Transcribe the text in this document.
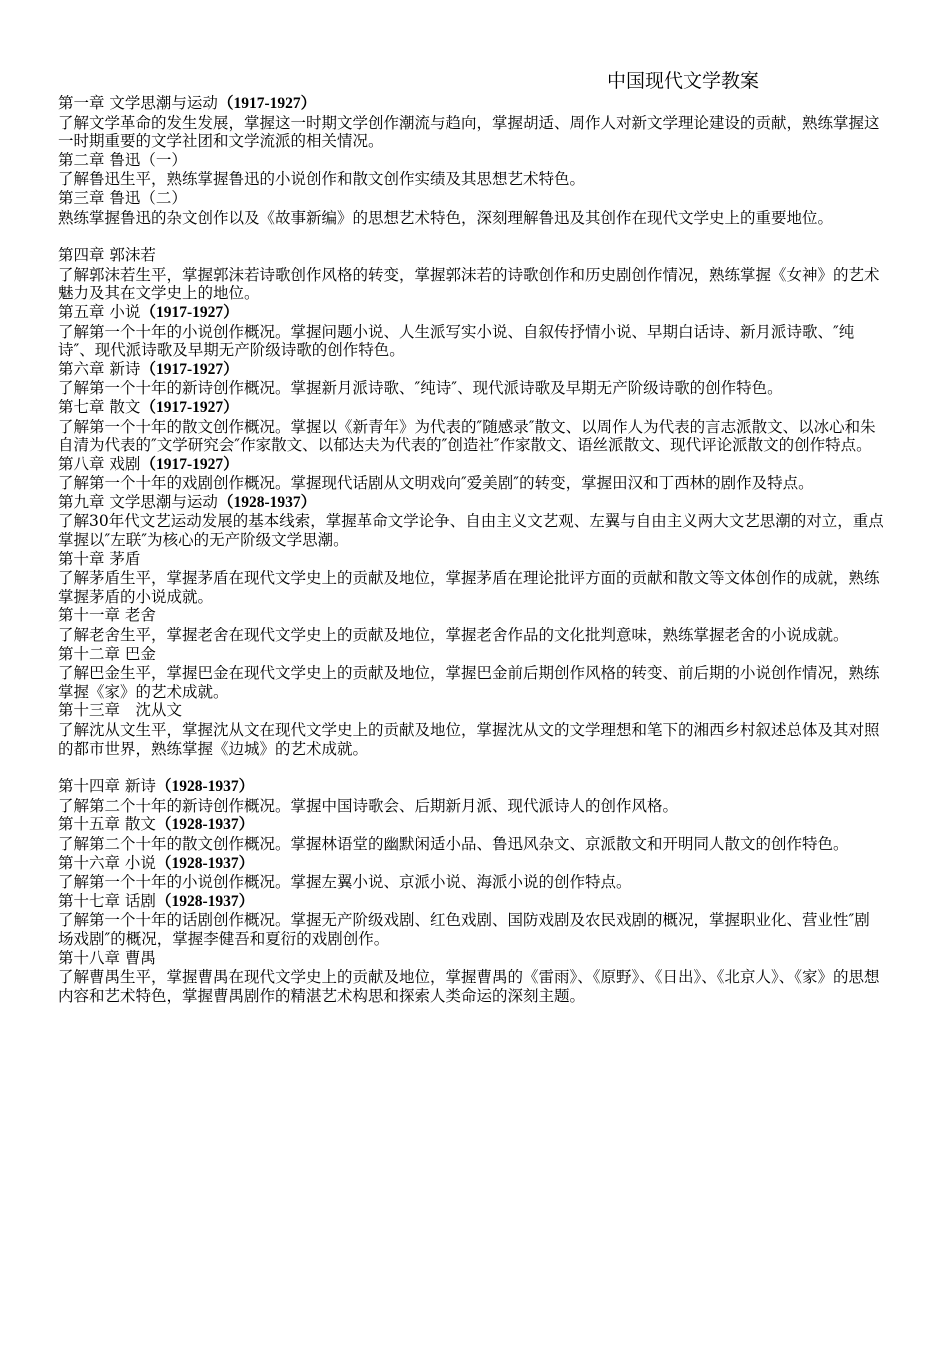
中国现代文学教案
第一章 文学思潮与运动（1917-1927）
了解文学革命的发生发展，掌握这一时期文学创作潮流与趋向，掌握胡适、周作人对新文学理论建设的贡献，熟练掌握这一时期重要的文学社团和文学流派的相关情况。
第二章 鲁迅（一）
了解鲁迅生平，熟练掌握鲁迅的小说创作和散文创作实绩及其思想艺术特色。
第三章 鲁迅（二）
熟练掌握鲁迅的杂文创作以及《故事新编》的思想艺术特色，深刻理解鲁迅及其创作在现代文学史上的重要地位。
第四章 郭沫若
了解郭沫若生平，掌握郭沫若诗歌创作风格的转变，掌握郭沫若的诗歌创作和历史剧创作情况，熟练掌握《女神》的艺术魅力及其在文学史上的地位。
第五章 小说（1917-1927）
了解第一个十年的小说创作概况。掌握问题小说、人生派写实小说、自叙传抒情小说、早期白话诗、新月派诗歌、″纯诗″、现代派诗歌及早期无产阶级诗歌的创作特色。
第六章 新诗（1917-1927）
了解第一个十年的新诗创作概况。掌握新月派诗歌、″纯诗″、现代派诗歌及早期无产阶级诗歌的创作特色。
第七章 散文（1917-1927）
了解第一个十年的散文创作概况。掌握以《新青年》为代表的″随感录″散文、以周作人为代表的言志派散文、以冰心和朱自清为代表的″文学研究会″作家散文、以郁达夫为代表的″创造社″作家散文、语丝派散文、现代评论派散文的创作特点。
第八章 戏剧（1917-1927）
了解第一个十年的戏剧创作概况。掌握现代话剧从文明戏向″爱美剧″的转变，掌握田汉和丁西林的剧作及特点。
第九章 文学思潮与运动（1928-1937）
了解30年代文艺运动发展的基本线索，掌握革命文学论争、自由主义文艺观、左翼与自由主义两大文艺思潮的对立，重点掌握以″左联″为核心的无产阶级文学思潮。
第十章 茅盾
了解茅盾生平，掌握茅盾在现代文学史上的贡献及地位，掌握茅盾在理论批评方面的贡献和散文等文体创作的成就，熟练掌握茅盾的小说成就。
第十一章 老舍
了解老舍生平，掌握老舍在现代文学史上的贡献及地位，掌握老舍作品的文化批判意味，熟练掌握老舍的小说成就。
第十二章 巴金
了解巴金生平，掌握巴金在现代文学史上的贡献及地位，掌握巴金前后期创作风格的转变、前后期的小说创作情况，熟练掌握《家》的艺术成就。
第十三章　沈从文
了解沈从文生平，掌握沈从文在现代文学史上的贡献及地位，掌握沈从文的文学理想和笔下的湘西乡村叙述总体及其对照的都市世界，熟练掌握《边城》的艺术成就。
第十四章 新诗（1928-1937）
了解第二个十年的新诗创作概况。掌握中国诗歌会、后期新月派、现代派诗人的创作风格。
第十五章 散文（1928-1937）
了解第二个十年的散文创作概况。掌握林语堂的幽默闲适小品、鲁迅风杂文、京派散文和开明同人散文的创作特色。
第十六章 小说（1928-1937）
了解第一个十年的小说创作概况。掌握左翼小说、京派小说、海派小说的创作特点。
第十七章 话剧（1928-1937）
了解第一个十年的话剧创作概况。掌握无产阶级戏剧、红色戏剧、国防戏剧及农民戏剧的概况，掌握职业化、营业性″剧场戏剧″的概况，掌握李健吾和夏衍的戏剧创作。
第十八章 曹禺
了解曹禺生平，掌握曹禺在现代文学史上的贡献及地位，掌握曹禺的《雷雨》、《原野》、《日出》、《北京人》、《家》的思想内容和艺术特色，掌握曹禺剧作的精湛艺术构思和探索人类命运的深刻主题。
